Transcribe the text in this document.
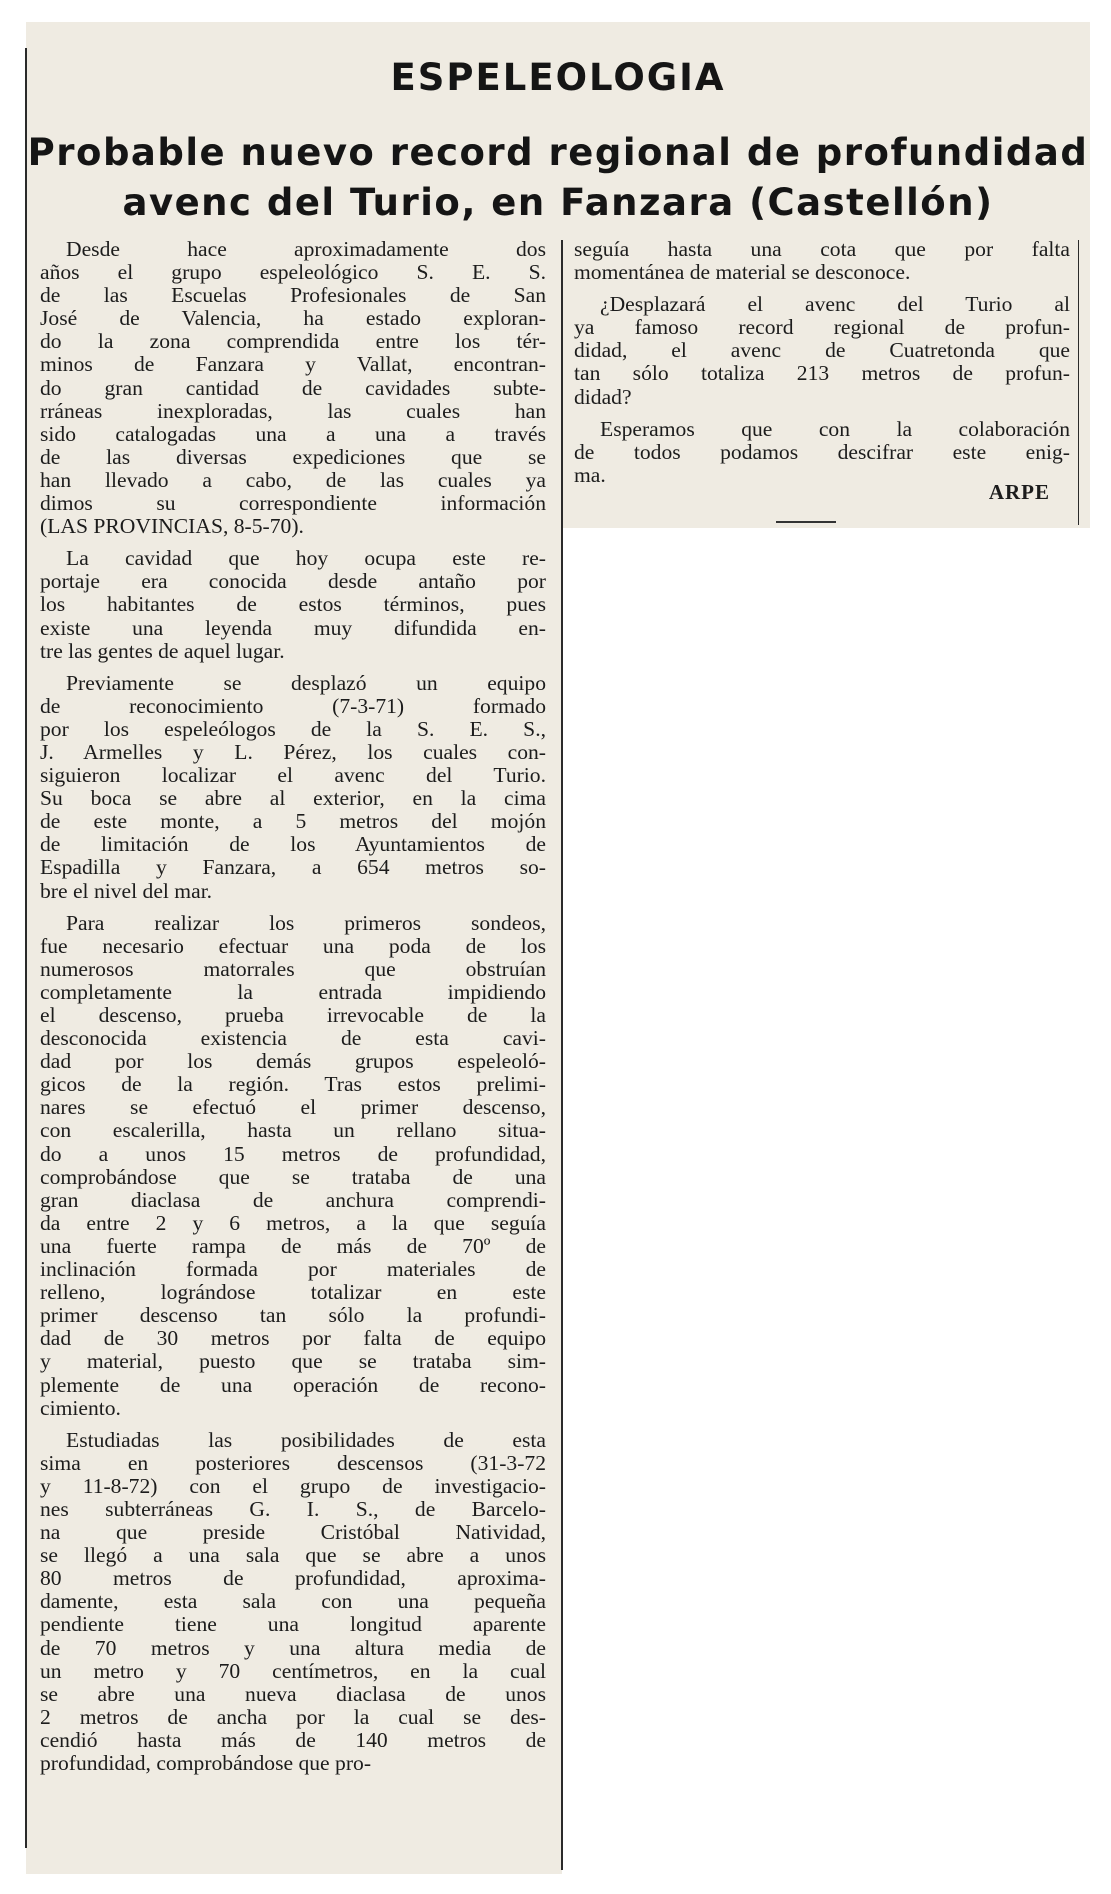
ESPELEOLOGIA
Probable nuevo record regional de profundidad
avenc del Turio, en Fanzara (Castellón)

Desde hace aproximadamente dos
años el grupo espeleológico S. E. S.
de las Escuelas Profesionales de San
José de Valencia, ha estado exploran-
do la zona comprendida entre los tér-
minos de Fanzara y Vallat, encontran-
do gran cantidad de cavidades subte-
rráneas inexploradas, las cuales han
sido catalogadas una a una a través
de las diversas expediciones que se
han llevado a cabo, de las cuales ya
dimos su correspondiente información
(LAS PROVINCIAS, 8-5-70).

La cavidad que hoy ocupa este re-
portaje era conocida desde antaño por
los habitantes de estos términos, pues
existe una leyenda muy difundida en-
tre las gentes de aquel lugar.

Previamente se desplazó un equipo
de reconocimiento (7-3-71) formado
por los espeleólogos de la S. E. S.,
J. Armelles y L. Pérez, los cuales con-
siguieron localizar el avenc del Turio.
Su boca se abre al exterior, en la cima
de este monte, a 5 metros del mojón
de limitación de los Ayuntamientos de
Espadilla y Fanzara, a 654 metros so-
bre el nivel del mar.

Para realizar los primeros sondeos,
fue necesario efectuar una poda de los
numerosos matorrales que obstruían
completamente la entrada impidiendo
el descenso, prueba irrevocable de la
desconocida existencia de esta cavi-
dad por los demás grupos espeleoló-
gicos de la región. Tras estos prelimi-
nares se efectuó el primer descenso,
con escalerilla, hasta un rellano situa-
do a unos 15 metros de profundidad,
comprobándose que se trataba de una
gran diaclasa de anchura comprendi-
da entre 2 y 6 metros, a la que seguía
una fuerte rampa de más de 70º de
inclinación formada por materiales de
relleno, lográndose totalizar en este
primer descenso tan sólo la profundi-
dad de 30 metros por falta de equipo
y material, puesto que se trataba sim-
plemente de una operación de recono-
cimiento.

Estudiadas las posibilidades de esta
sima en posteriores descensos (31-3-72
y 11-8-72) con el grupo de investigacio-
nes subterráneas G. I. S., de Barcelo-
na que preside Cristóbal Natividad,
se llegó a una sala que se abre a unos
80 metros de profundidad, aproxima-
damente, esta sala con una pequeña
pendiente tiene una longitud aparente
de 70 metros y una altura media de
un metro y 70 centímetros, en la cual
se abre una nueva diaclasa de unos
2 metros de ancha por la cual se des-
cendió hasta más de 140 metros de
profundidad, comprobándose que pro-

seguía hasta una cota que por falta
momentánea de material se desconoce.

¿Desplazará el avenc del Turio al
ya famoso record regional de profun-
didad, el avenc de Cuatretonda que
tan sólo totaliza 213 metros de profun-
didad?

Esperamos que con la colaboración
de todos podamos descifrar este enig-
ma.

ARPE
